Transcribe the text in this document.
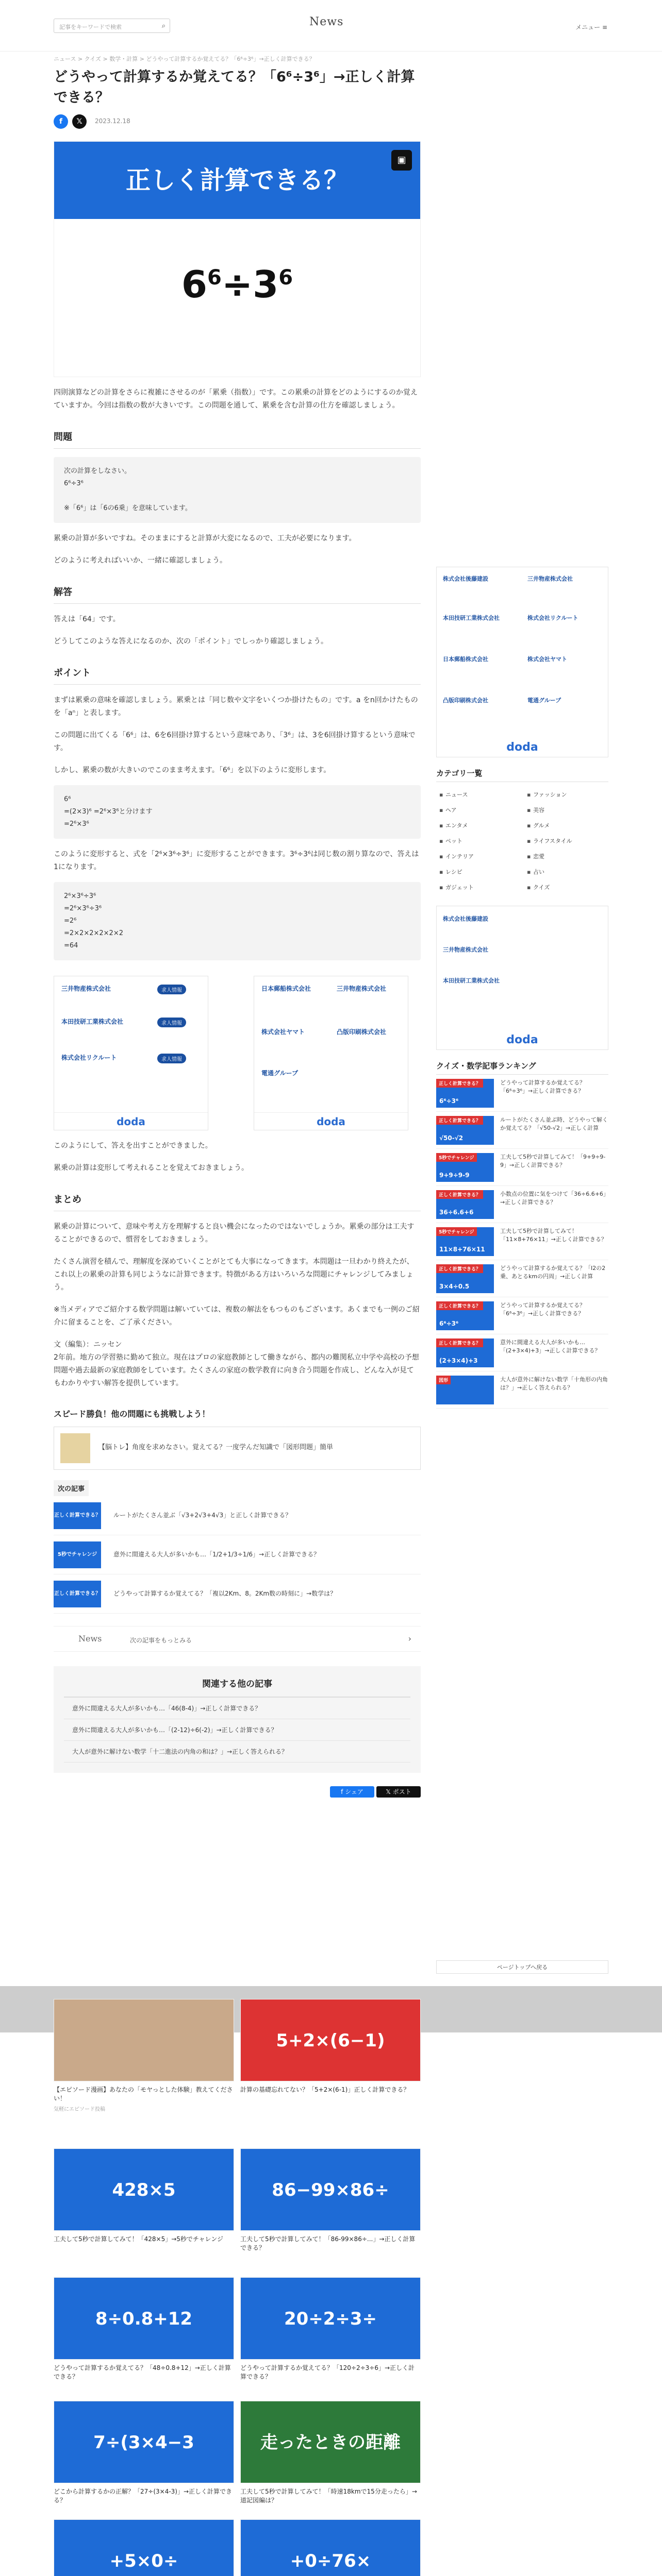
記事をキーワードで検索	⌕	News	メニュー ≡
ニュース > クイズ > 数学・計算 > どうやって計算するか覚えてる？「6⁶÷3⁶」→正しく計算できる？
どうやって計算するか覚えてる？「6⁶÷3⁶」→正しく計算できる？
f	𝕏	2023.12.18
正しく計算できる？
▣
$6^6\div 3^6$

四則演算などの計算をさらに複雑にさせるのが「累乗（指数）」です。この累乗の計算をどのようにするのか覚えていますか。今回は指数の数が大きいです。この問題を通して、累乗を含む計算の仕方を確認しましょう。

問題
次の計算をしなさい。
6⁶÷3⁶

※「6⁶」は「6の6乗」を意味しています。

累乗の計算が多いですね。そのままにすると計算が大変になるので、工夫が必要になります。

どのように考えればいいか、一緒に確認しましょう。

解答

答えは「64」です。

どうしてこのような答えになるのか、次の「ポイント」でしっかり確認しましょう。

ポイント

まずは累乗の意味を確認しましょう。累乗とは「同じ数や文字をいくつか掛けたもの」です。a をn回かけたものを「aⁿ」と表します。

この問題に出てくる「6⁶」は、6を6回掛け算するという意味であり、「3⁶」は、3を6回掛け算するという意味です。

しかし、累乗の数が大きいのでこのまま考えます。「6⁶」を以下のように変形します。

6⁶
=(2×3)⁶ =2⁶×3⁶と分けます
=2⁶×3⁶

このように変形すると、式を「2⁶×3⁶÷3⁶」に変形することができます。3⁶÷3⁶は同じ数の割り算なので、答えは1になります。

2⁶×3⁶÷3⁶
=2⁶×3⁶÷3⁶
=2⁶
=2×2×2×2×2×2
=64
三井物産株式会社	求人情報
本田技研工業株式会社	求人情報
株式会社リクルート	求人情報
doda
日本郵船株式会社	三井物産株式会社
株式会社ヤマト	凸版印刷株式会社
電通グループ
doda

このようにして、答えを出すことができました。

累乗の計算は変形して考えれることを覚えておきましょう。

まとめ

累乗の計算について、意味や考え方を理解すると良い機会になったのではないでしょうか。累乗の部分は工夫することができるので、慣習をしておきましょう。

たくさん演習を積んで、理解度を深めていくことがとても大事になってきます。本問題は一旦わかり終えたが、これ以上の累乗の計算も同じようなに計算できます。特徴がある方はいろいろな問題にチャレンジしてみましょう。

※当メディアでご紹介する数学問題は解いていては、複数の解法をもつものもございます。あくまでも一例のご紹介に留まることを、ご了承ください。

文（編集）：ニッセン
2年前。地方の学習塾に勤めて独立。現在はプロの家庭教師として働きながら、都内の難関私立中学や高校の予想問題や過去最新の家庭教師をしています。たくさんの家庭の数学教育に向き合う問題を作成し、どんな入が見てもわかりやすい解答を提供しています。

スピード勝負！他の問題にも挑戦しよう！
【脳トレ】角度を求めなさい。覚えてる？一度学んだ知識で「図形問題」簡単
次の記事
正しく計算できる？ ルートがたくさん並ぶ「√3+2√3+4√3」と正しく計算できる？
5秒でチャレンジ	意外に間違える大人が多いかも…「1/2+1/3÷1/6」→正しく計算できる？
正しく計算できる？ どうやって計算するか覚えてる？「複以2Km、8。2Km数の時刻に」→数学は？
News	次の記事をもっとみる	›
関連する他の記事
意外に間違える大人が多いかも…「46(8-4)」→正しく計算できる？
意外に間違える大人が多いかも…「(2-12)÷6(-2)」→正しく計算できる？
大人が意外に解けない数学「十二進法の内角の和は？」→正しく答えられる？
f シェア	𝕏 ポスト
株式会社後藤建設	三井物産株式会社
本田技研工業株式会社	株式会社リクルート
日本郵船株式会社	株式会社ヤマト
凸版印刷株式会社	電通グループ
doda
カテゴリ一覧
▪ ニュース	▪ ファッション
▪ ヘア	▪ 美容
▪ エンタメ	▪ グルメ
▪ ペット	▪ ライフスタイル
▪ インテリア	▪ 恋愛
▪ レシピ	▪ 占い
▪ ガジェット	▪ クイズ
株式会社後藤建設
三井物産株式会社
本田技研工業株式会社
doda
クイズ・数学記事ランキング
正しく計算できる？
6⁶÷3⁶
どうやって計算するか覚えてる？「6⁶÷3⁶」→正しく計算できる？
正しく計算できる？
√50-√2
ルートがたくさん並ぶ時、どうやって解くか覚えてる？「√50-√2」→正しく計算
5秒でチャレンジ
9+9÷9-9
工夫して5秒で計算してみて！「9+9÷9-9」→正しく計算できる？
正しく計算できる？
36÷6.6+6
小数点の位置に気をつけて「36÷6.6+6」→正しく計算できる？
5秒でチャレンジ
11×8+76×11
工夫して5秒で計算してみて！「11×8+76×11」→正しく計算できる？
正しく計算できる？
3×4÷0.5
どうやって計算するか覚えてる？「Ⅰ2の2乗、あとるkmの円周」→正しく計算
正しく計算できる？
6⁶÷3⁶
どうやって計算するか覚えてる？「6⁶÷3⁶」→正しく計算できる？
正しく計算できる？
(2+3×4)+3
意外に間違える大人が多いかも…「(2+3×4)+3」→正しく計算できる？
図形	大人が意外に解けない数学「十角形の内角は？」→正しく答えられる？
ページトップへ戻る
【エピソード漫画】あなたの「モヤっとした体験」教えてください！
気軽にエピソード投稿
5+2×(6−1)
計算の基礎忘れてない？「5+2×(6-1)」正しく計算できる？
428×5
工夫して5秒で計算してみて！「428×5」→5秒でチャレンジ
86−99×86÷
工夫して5秒で計算してみて！「86-99×86÷...」→正しく計算できる？
8÷0.8+12
どうやって計算するか覚えてる？「48÷0.8+12」→正しく計算できる？
20÷2÷3÷
どうやって計算するか覚えてる？「120÷2÷3÷6」→正しく計算できる？
7÷(3×4−3
どこから計算するかの正解？「27÷(3×4-3)」→正しく計算できる？
走ったときの距離
工夫して5秒で計算してみて！「時速18kmで15分走ったら」→道記図編は？
+5×0÷	+0÷76×
